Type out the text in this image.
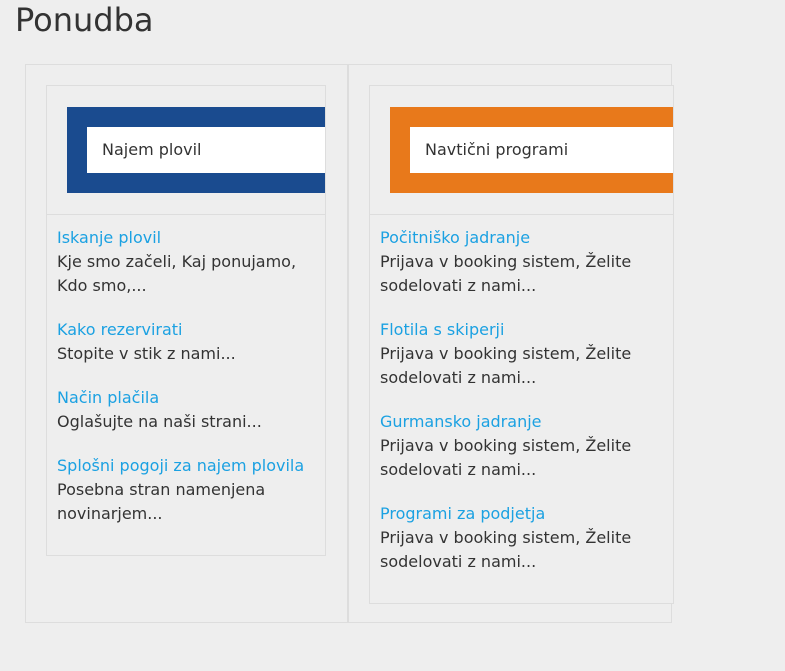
Ponudba
Najem plovil
Iskanje plovil
Kje smo začeli, Kaj ponujamo, Kdo smo,...
Kako rezervirati
Stopite v stik z nami...
Način plačila
Oglašujte na naši strani...
Splošni pogoji za najem plovila
Posebna stran namenjena novinarjem...
Navtični programi
Počitniško jadranje
Prijava v booking sistem, Želite sodelovati z nami...
Flotila s skiperji
Prijava v booking sistem, Želite sodelovati z nami...
Gurmansko jadranje
Prijava v booking sistem, Želite sodelovati z nami...
Programi za podjetja
Prijava v booking sistem, Želite sodelovati z nami...
